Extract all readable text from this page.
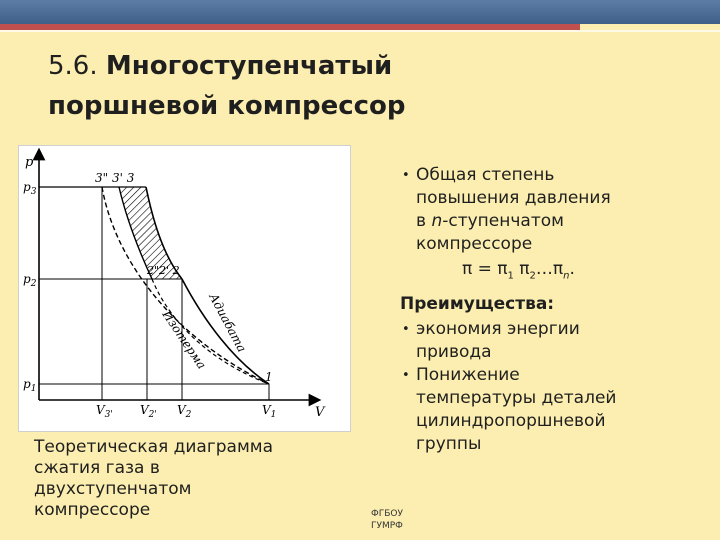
5.6. Многоступенчатый
поршневой компрессор
p
V
$p_3$
$p_2$
$p_1$
$V_{3'}$ $V_{2'}$ $V_2$	$V_1$
3" 3' 3
2"2' 2
1
Адиабата
Изотерма
Теоретическая диаграмма
сжатия газа в
двухступенчатом
компрессоре
• Общая степень
повышения давления
в n-ступенчатом
компрессоре
$\pi = \pi_1$ $\pi_2\dots\pi_n$.
Преимущества:
• экономия энергии
привода
• Понижение
температуры деталей
цилиндропоршневой
группы
ФГБОУ
ГУМРФ
